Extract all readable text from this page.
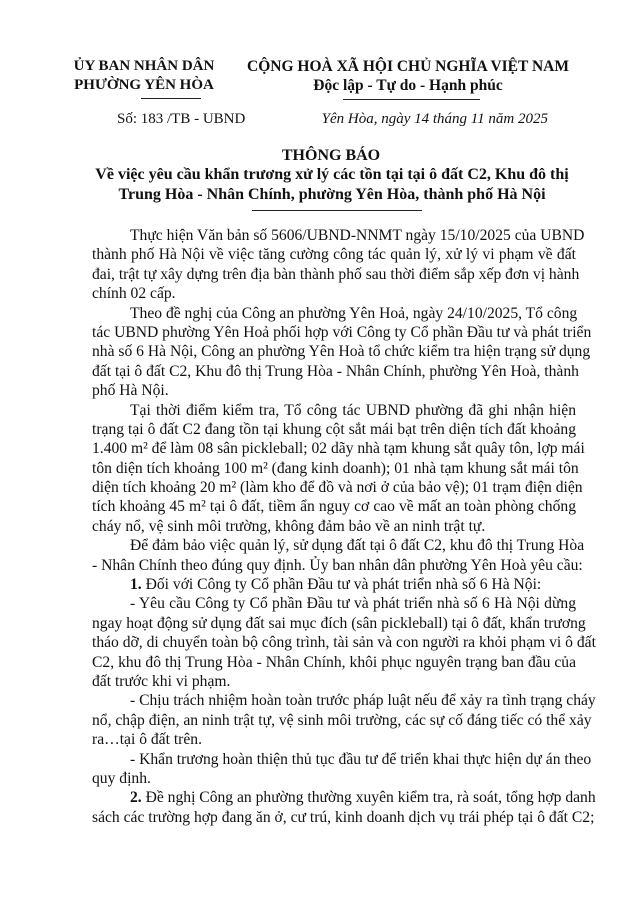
ỦY BAN NHÂN DÂN
PHƯỜNG YÊN HÒA
CỘNG HOÀ XÃ HỘI CHỦ NGHĨA VIỆT NAM
Độc lập - Tự do - Hạnh phúc
Số: 183 /TB - UBND	Yên Hòa, ngày 14 tháng 11 năm 2025
THÔNG BÁO
Về việc yêu cầu khẩn trương xử lý các tồn tại tại ô đất C2, Khu đô thị
Trung Hòa - Nhân Chính, phường Yên Hòa, thành phố Hà Nội
Thực hiện Văn bản số 5606/UBND-NNMT ngày 15/10/2025 của UBND
thành phố Hà Nội về việc tăng cường công tác quản lý, xử lý vi phạm về đất
đai, trật tự xây dựng trên địa bàn thành phố sau thời điểm sắp xếp đơn vị hành
chính 02 cấp.
Theo đề nghị của Công an phường Yên Hoả, ngày 24/10/2025, Tổ công
tác UBND phường Yên Hoả phối hợp với Công ty Cổ phần Đầu tư và phát triển
nhà số 6 Hà Nội, Công an phường Yên Hoà tổ chức kiểm tra hiện trạng sử dụng
đất tại ô đất C2, Khu đô thị Trung Hòa - Nhân Chính, phường Yên Hoà, thành
phố Hà Nội.
Tại thời điểm kiểm tra, Tổ công tác UBND phường đã ghi nhận hiện
trạng tại ô đất C2 đang tồn tại khung cột sắt mái bạt trên diện tích đất khoảng
1.400 m² để làm 08 sân pickleball; 02 dãy nhà tạm khung sắt quây tôn, lợp mái
tôn diện tích khoảng 100 m² (đang kinh doanh); 01 nhà tạm khung sắt mái tôn
diện tích khoảng 20 m² (làm kho để đồ và nơi ở của bảo vệ); 01 trạm điện diện
tích khoảng 45 m² tại ô đất, tiềm ẩn nguy cơ cao về mất an toàn phòng chống
cháy nổ, vệ sinh môi trường, không đảm bảo về an ninh trật tự.
Để đảm bảo việc quản lý, sử dụng đất tại ô đất C2, khu đô thị Trung Hòa
- Nhân Chính theo đúng quy định. Ủy ban nhân dân phường Yên Hoà yêu cầu:
1. Đối với Công ty Cổ phần Đầu tư và phát triển nhà số 6 Hà Nội:
- Yêu cầu Công ty Cổ phần Đầu tư và phát triển nhà số 6 Hà Nội dừng
ngay hoạt động sử dụng đất sai mục đích (sân pickleball) tại ô đất, khẩn trương
tháo dỡ, di chuyển toàn bộ công trình, tài sản và con người ra khỏi phạm vi ô đất
C2, khu đô thị Trung Hòa - Nhân Chính, khôi phục nguyên trạng ban đầu của
đất trước khi vi phạm.
- Chịu trách nhiệm hoàn toàn trước pháp luật nếu để xảy ra tình trạng cháy
nổ, chập điện, an ninh trật tự, vệ sinh môi trường, các sự cố đáng tiếc có thể xảy
ra…tại ô đất trên.
- Khẩn trương hoàn thiện thủ tục đầu tư để triển khai thực hiện dự án theo
quy định.
2. Đề nghị Công an phường thường xuyên kiểm tra, rà soát, tổng hợp danh
sách các trường hợp đang ăn ở, cư trú, kinh doanh dịch vụ trái phép tại ô đất C2;
